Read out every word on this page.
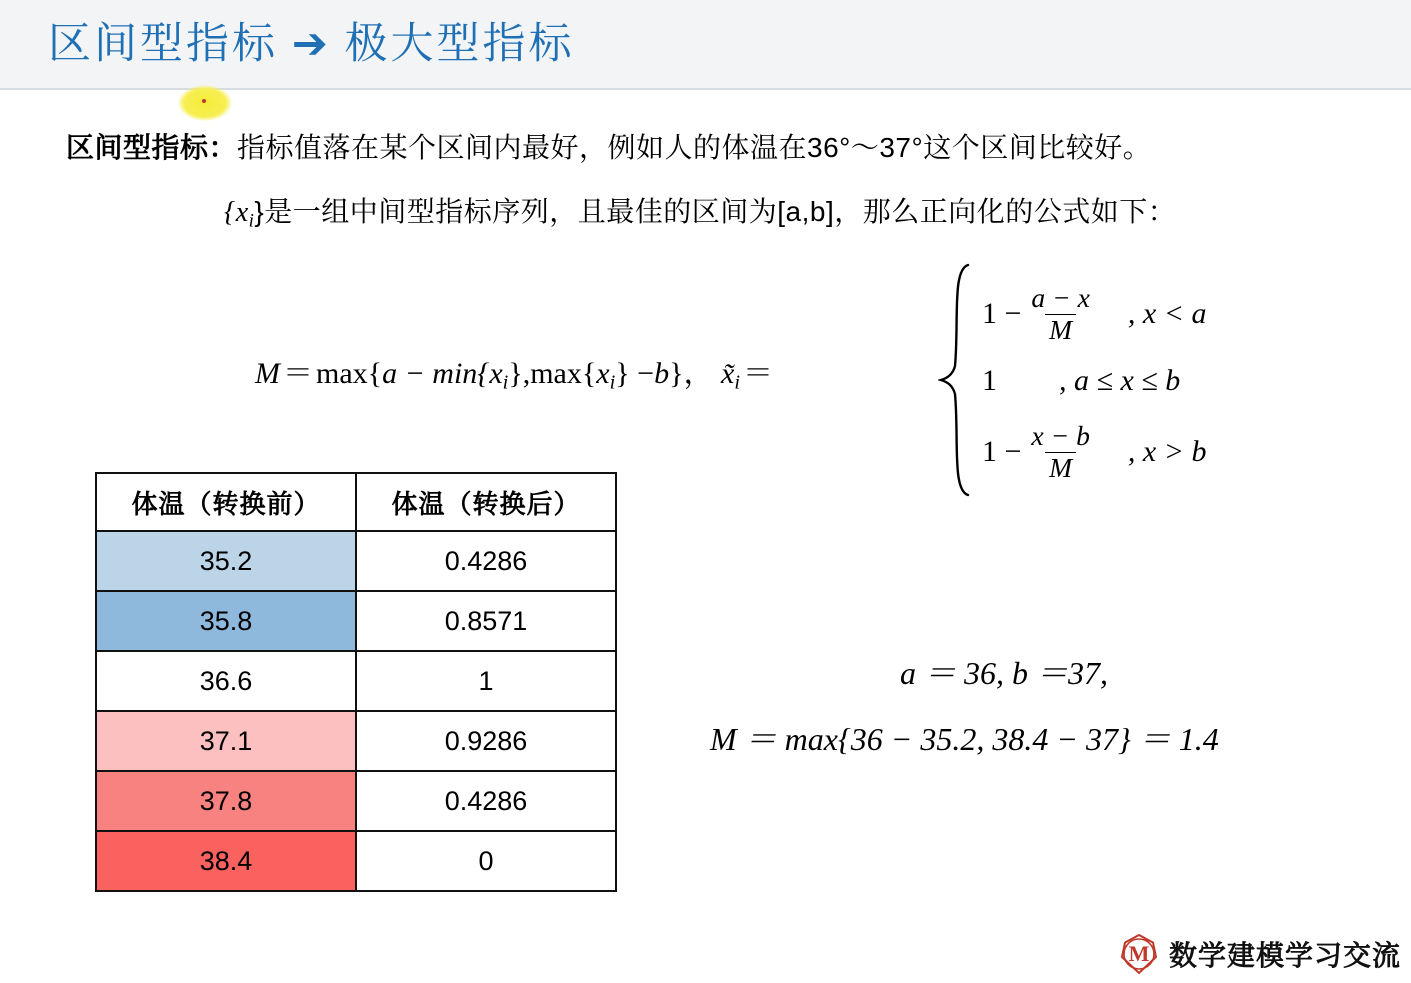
区间型指标 ➔ 极大型指标
区间型指标：指标值落在某个区间内最好，例如人的体温在36°～37°这个区间比较好。
$\{x_i\}$是一组中间型指标序列，且最佳的区间为[a,b]，那么正向化的公式如下：
$M = \max\{a - \min\{x_i\},\max\{x_i\} -b\}$， $x̃_i$ ＝
$1 - \frac{a - x}{M}$ , x < a
1 , a ≤ x ≤ b
$1 - \frac{x - b}{M}$ , x > b
体温（转换前）	体温（转换后）
35.2	0.4286
35.8	0.8571
36.6	1
37.1	0.9286
37.8	0.4286
38.4	0
a ＝ 36, b ＝37,
M ＝ max{36 − 35.2, 38.4 − 37} ＝ 1.4
M 数学建模学习交流
